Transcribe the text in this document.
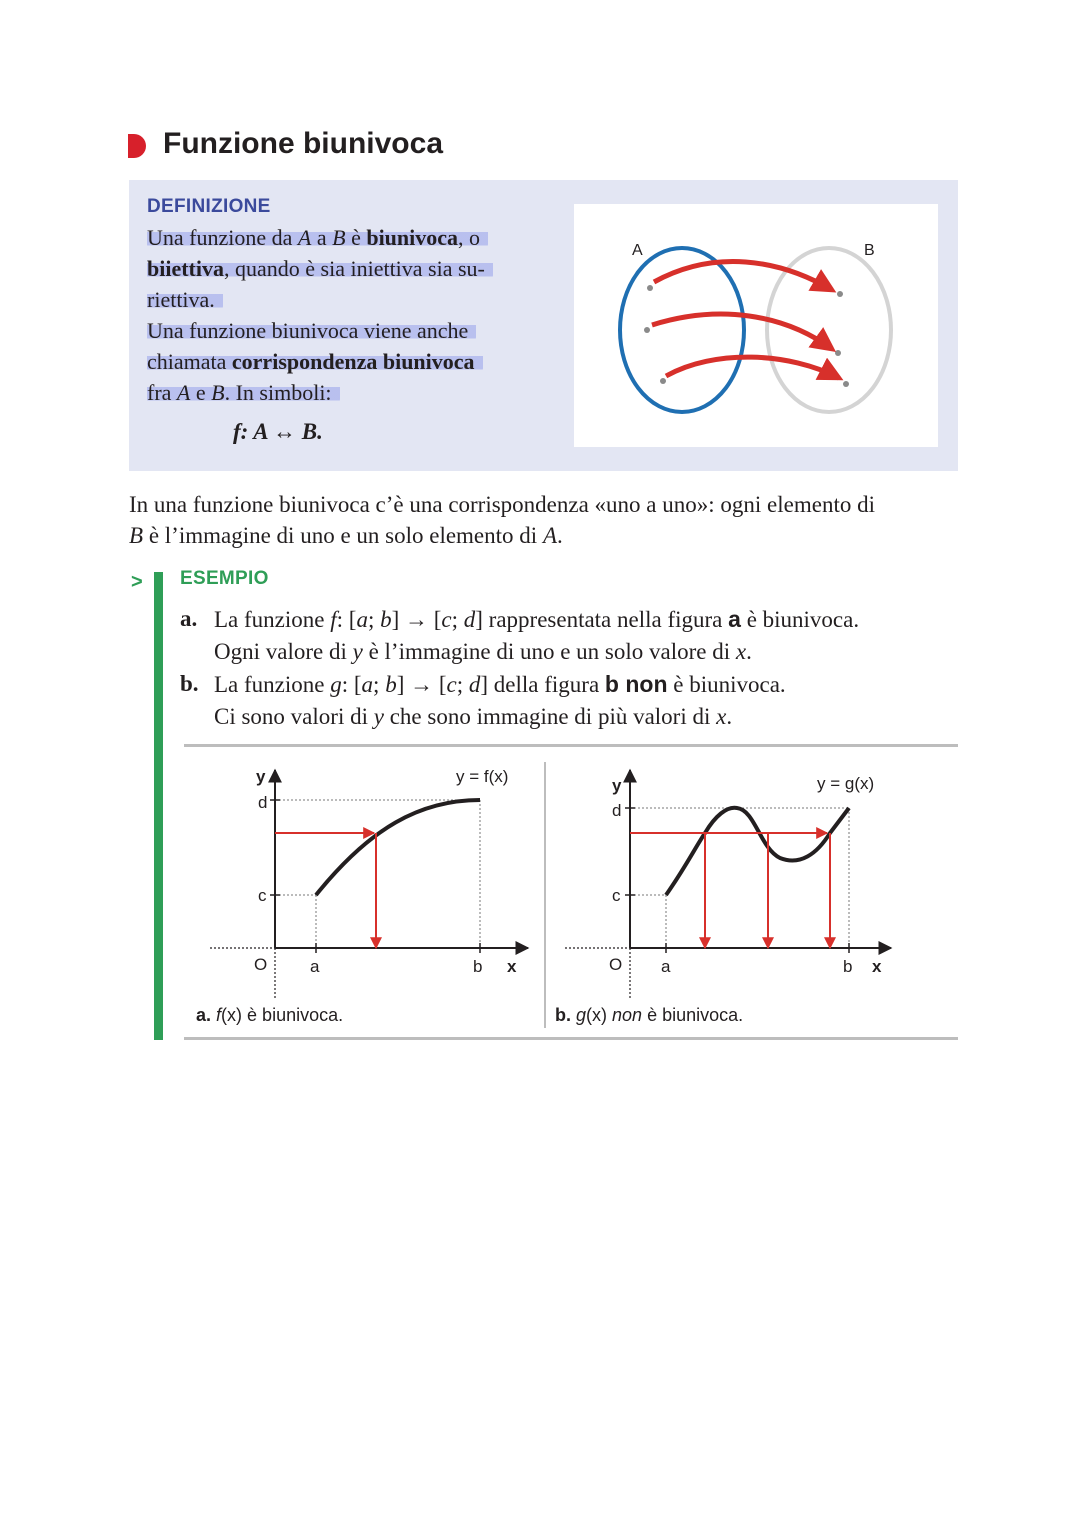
Funzione biunivoca
DEFINIZIONE

Una funzione da A a B è biunivoca, o

biiettiva, quando è sia iniettiva sia su-

riettiva.

Una funzione biunivoca viene anche

chiamata corrispondenza biunivoca

fra A e B. In simboli:

f: A ↔ B.
A	B

In una funzione biunivoca c’è una corrispondenza «uno a uno»: ogni elemento di

B è l’immagine di uno e un solo elemento di A.

> ESEMPIO
a. La funzione f: [a; b] → [c; d] rappresentata nella figura a è biunivoca.

Ogni valore di y è l’immagine di uno e un solo valore di x.

b. La funzione g: [a; b] → [c; d] della figura b non è biunivoca.

Ci sono valori di y che sono immagine di più valori di x.

y = f(x)
y
d
c
O	a	b x
a. f(x) è biunivoca.
y = g(x)
y
d
c
O a	b x
b. g(x) non è biunivoca.
